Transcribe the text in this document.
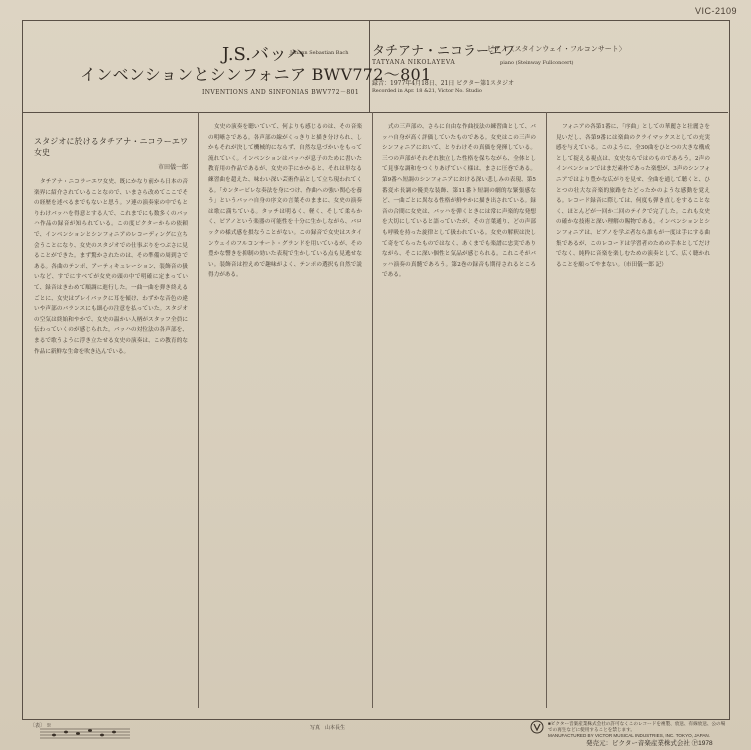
VIC-2109
J.S.バッハ
Johann Sebastian Bach
インベンションとシンフォニア BWV772～801
INVENTIONS AND SINFONIAS BWV772－801
タチアナ・ニコラーエワ
ピアノ〈スタインウェイ・フルコンサート〉
TATYANA NIKOLAYEVA	piano (Steinway Fullconcert)
録音：1977年4月18日、21日 ビクター第1スタジオ
Recorded in Apr. 18 &21, Victor No. Studio

スタジオに於けるタチアナ・ニコラーエワ女史

市田儀一郎

タチアナ・ニコラーエワ女史、既にかなり前から日本の音楽界に紹介されていることなので、いまさら改めてここでその経歴を述べるまでもないと思う。ソ連の演奏家の中でもとりわけバッハを得意とする人で、これまでにも数多くのバッハ作品の録音が知られている。この度ビクターからの依頼で、インベンションとシンフォニアのレコーディングに立ち会うことになり、女史のスタジオでの仕事ぶりをつぶさに見ることができた。まず驚かされたのは、その準備の周到さである。各曲のテンポ、アーティキュレーション、装飾音の扱いなど、すでにすべてが女史の頭の中で明確に定まっていて、録音はきわめて順調に進行した。一曲一曲を弾き終えるごとに、女史はプレイバックに耳を傾け、わずかな音色の違いや声部のバランスにも細心の注意を払っていた。スタジオの空気は終始和やかで、女史の温かい人柄がスタッフ全員に伝わっていくのが感じられた。バッハの対位法の各声部を、まるで歌うように浮き立たせる女史の演奏は、この教育的な作品に新鮮な生命を吹き込んでいる。

女史の演奏を聴いていて、何よりも感じるのは、その音楽の明晰さである。各声部の線がくっきりと描き分けられ、しかもそれが決して機械的にならず、自然な息づかいをもって流れていく。インベンションはバッハが息子のために書いた教育用の作品であるが、女史の手にかかると、それは単なる練習曲を超えた、味わい深い芸術作品として立ち現われてくる。「カンタービレな奏法を身につけ、作曲への強い関心を養う」というバッハ自身の序文の言葉そのままに、女史の演奏は歌に満ちている。タッチは明るく、軽く、そして柔らかく、ピアノという楽器の可能性を十分に生かしながら、バロックの様式感を損なうことがない。この録音で女史はスタインウェイのフルコンサート・グランドを用いているが、その豊かな響きを抑制の効いた表現で生かしている点も見逃せない。装飾音は控えめで趣味がよく、テンポの選択も自然で説得力がある。

式の三声部の、さらに自由な作曲技法の練習曲として、バッハ自身が高く評価していたものである。女史はこの三声のシンフォニアにおいて、とりわけその真価を発揮している。三つの声部がそれぞれ独立した性格を保ちながら、全体として見事な調和をつくりあげていく様は、まさに圧巻である。第9番ヘ短調のシンフォニアにおける深い悲しみの表現、第5番変ホ長調の優美な装飾、第11番ト短調の劇的な緊張感など、一曲ごとに異なる性格が鮮やかに描き出されている。録音の合間に女史は、バッハを弾くときには常に声楽的な発想を大切にしていると語っていたが、その言葉通り、どの声部も呼吸を持った旋律として扱われている。女史の解釈は決して奇をてらったものではなく、あくまでも楽譜に忠実でありながら、そこに深い個性と気品が感じられる。これこそがバッハ演奏の真髄であろう。第2巻の録音も期待されるところである。

フォニアの各第1番に、「序曲」としての華麗さと壮麗さを見いだし、各第9番には楽曲のクライマックスとしての充実感を与えている。このように、全30曲をひとつの大きな構成として捉える視点は、女史ならではのものであろう。2声のインベンションではまだ素朴であった楽想が、3声のシンフォニアではより豊かな広がりを見せ、全曲を通して聴くと、ひとつの壮大な音楽的旅路をたどったかのような感動を覚える。レコード録音に際しては、何度も弾き直しをすることなく、ほとんどが一回か二回のテイクで完了した。これも女史の確かな技術と深い理解の賜物である。インベンションとシンフォニアは、ピアノを学ぶ者なら誰もが一度は手にする曲集であるが、このレコードは学習者のための手本としてだけでなく、純粋に音楽を楽しむための演奏として、広く聴かれることを願ってやまない。（市田儀一郎 記）

〔表〕 ※	写真　山本長生
■ビクター音楽産業株式会社の許可なくこのレコードを複製、放送、有線放送、公の場での再生などに使用することを禁じます。
MANUFACTURED BY VICTOR MUSICAL INDUSTRIES, INC. TOKYO, JAPAN.
発売元：ビクター音楽産業株式会社 Ⓟ1978
